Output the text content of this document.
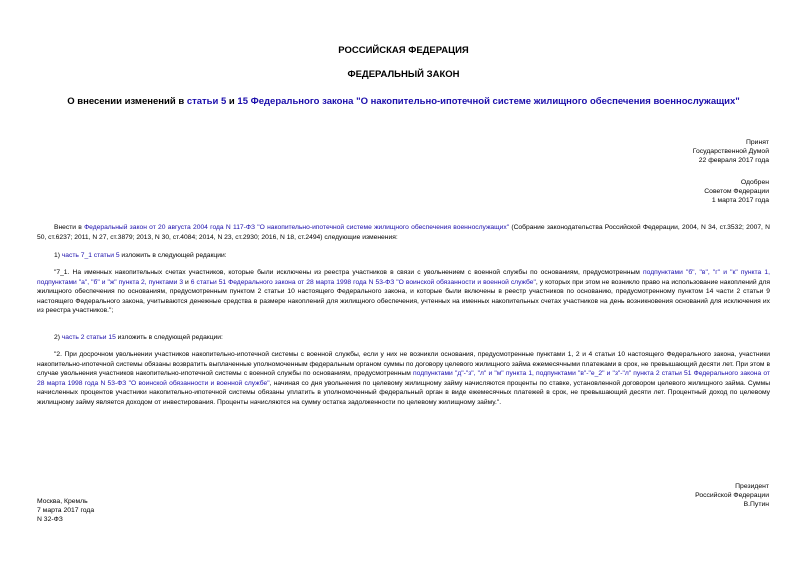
РОССИЙСКАЯ ФЕДЕРАЦИЯ
ФЕДЕРАЛЬНЫЙ ЗАКОН
О внесении изменений в статьи 5 и 15 Федерального закона "О накопительно-ипотечной системе жилищного обеспечения военнослужащих"
Принят
Государственной Думой
22 февраля 2017 года
Одобрен
Советом Федерации
1 марта 2017 года
Внести в Федеральный закон от 20 августа 2004 года N 117-ФЗ "О накопительно-ипотечной системе жилищного обеспечения военнослужащих" (Собрание законодательства Российской Федерации, 2004, N 34, ст.3532; 2007, N 50, ст.6237; 2011, N 27, ст.3879; 2013, N 30, ст.4084; 2014, N 23, ст.2930; 2016, N 18, ст.2494) следующие изменения:
1) часть 7_1 статьи 5 изложить в следующей редакции:
"7_1. На именных накопительных счетах участников, которые были исключены из реестра участников в связи с увольнением с военной службы по основаниям, предусмотренным подпунктами "б", "в", "г" и "к" пункта 1, подпунктами "а", "б" и "ж" пункта 2, пунктами 3 и 6 статьи 51 Федерального закона от 28 марта 1998 года N 53-ФЗ "О воинской обязанности и военной службе", у которых при этом не возникло право на использование накоплений для жилищного обеспечения по основаниям, предусмотренным пунктом 2 статьи 10 настоящего Федерального закона, и которые были включены в реестр участников по основанию, предусмотренному пунктом 14 части 2 статьи 9 настоящего Федерального закона, учитываются денежные средства в размере накоплений для жилищного обеспечения, учтенных на именных накопительных счетах участников на день возникновения оснований для исключения их из реестра участников.";
2) часть 2 статьи 15 изложить в следующей редакции:
"2. При досрочном увольнении участников накопительно-ипотечной системы с военной службы, если у них не возникли основания, предусмотренные пунктами 1, 2 и 4 статьи 10 настоящего Федерального закона, участники накопительно-ипотечной системы обязаны возвратить выплаченные уполномоченным федеральным органом суммы по договору целевого жилищного займа ежемесячными платежами в срок, не превышающий десяти лет. При этом в случае увольнения участников накопительно-ипотечной системы с военной службы по основаниям, предусмотренным подпунктами "д"-"з", "л" и "м" пункта 1, подпунктами "в"-"е_2" и "з"-"л" пункта 2 статьи 51 Федерального закона от 28 марта 1998 года N 53-ФЗ "О воинской обязанности и военной службе", начиная со дня увольнения по целевому жилищному займу начисляются проценты по ставке, установленной договором целевого жилищного займа. Суммы начисленных процентов участники накопительно-ипотечной системы обязаны уплатить в уполномоченный федеральный орган в виде ежемесячных платежей в срок, не превышающий десяти лет. Процентный доход по целевому жилищному займу является доходом от инвестирования. Проценты начисляются на сумму остатка задолженности по целевому жилищному займу.".
Президент
Российской Федерации
В.Путин
Москва, Кремль
7 марта 2017 года
N 32-ФЗ
